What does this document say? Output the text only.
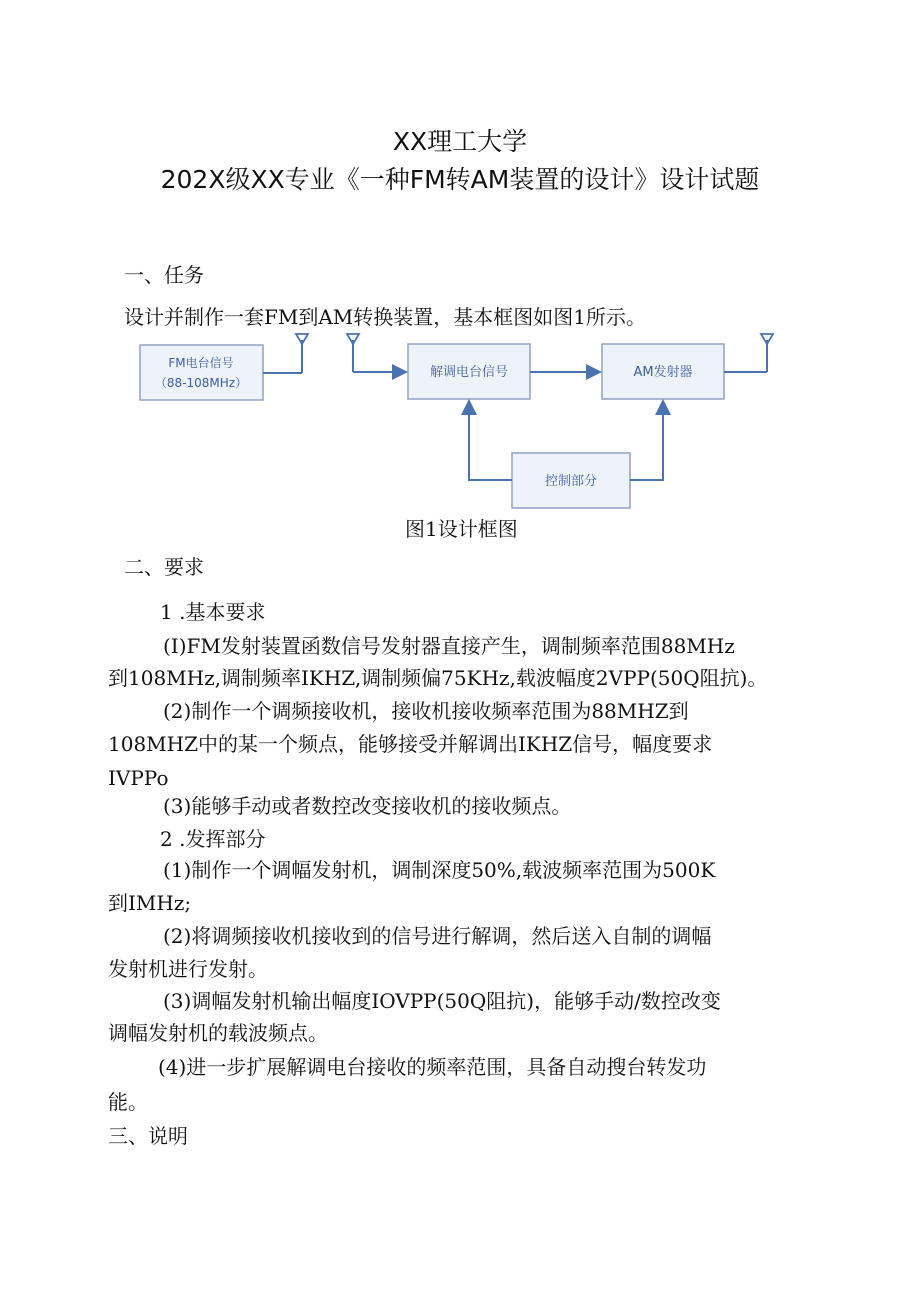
XX理工大学
202X级XX专业《一种FM转AM装置的设计》设计试题
一、任务
设计并制作一套FM到AM转换装置，基本框图如图1所示。
FM电台信号
（88-108MHz）
解调电台信号	AM发射器
控制部分
图1设计框图
二、要求
1 .基本要求
(I)FM发射装置函数信号发射器直接产生，调制频率范围88MHz
到108MHz,调制频率IKHZ,调制频偏75KHz,载波幅度2VPP(50Q阻抗)。
(2)制作一个调频接收机，接收机接收频率范围为88MHZ到
108MHZ中的某一个频点，能够接受并解调出IKHZ信号，幅度要求
IVPPo
(3)能够手动或者数控改变接收机的接收频点。
2 .发挥部分
(1)制作一个调幅发射机，调制深度50%,载波频率范围为500K
到IMHz;
(2)将调频接收机接收到的信号进行解调，然后送入自制的调幅
发射机进行发射。
(3)调幅发射机输出幅度IOVPP(50Q阻抗)，能够手动/数控改变
调幅发射机的载波频点。
(4)进一步扩展解调电台接收的频率范围，具备自动搜台转发功
能。
三、说明
